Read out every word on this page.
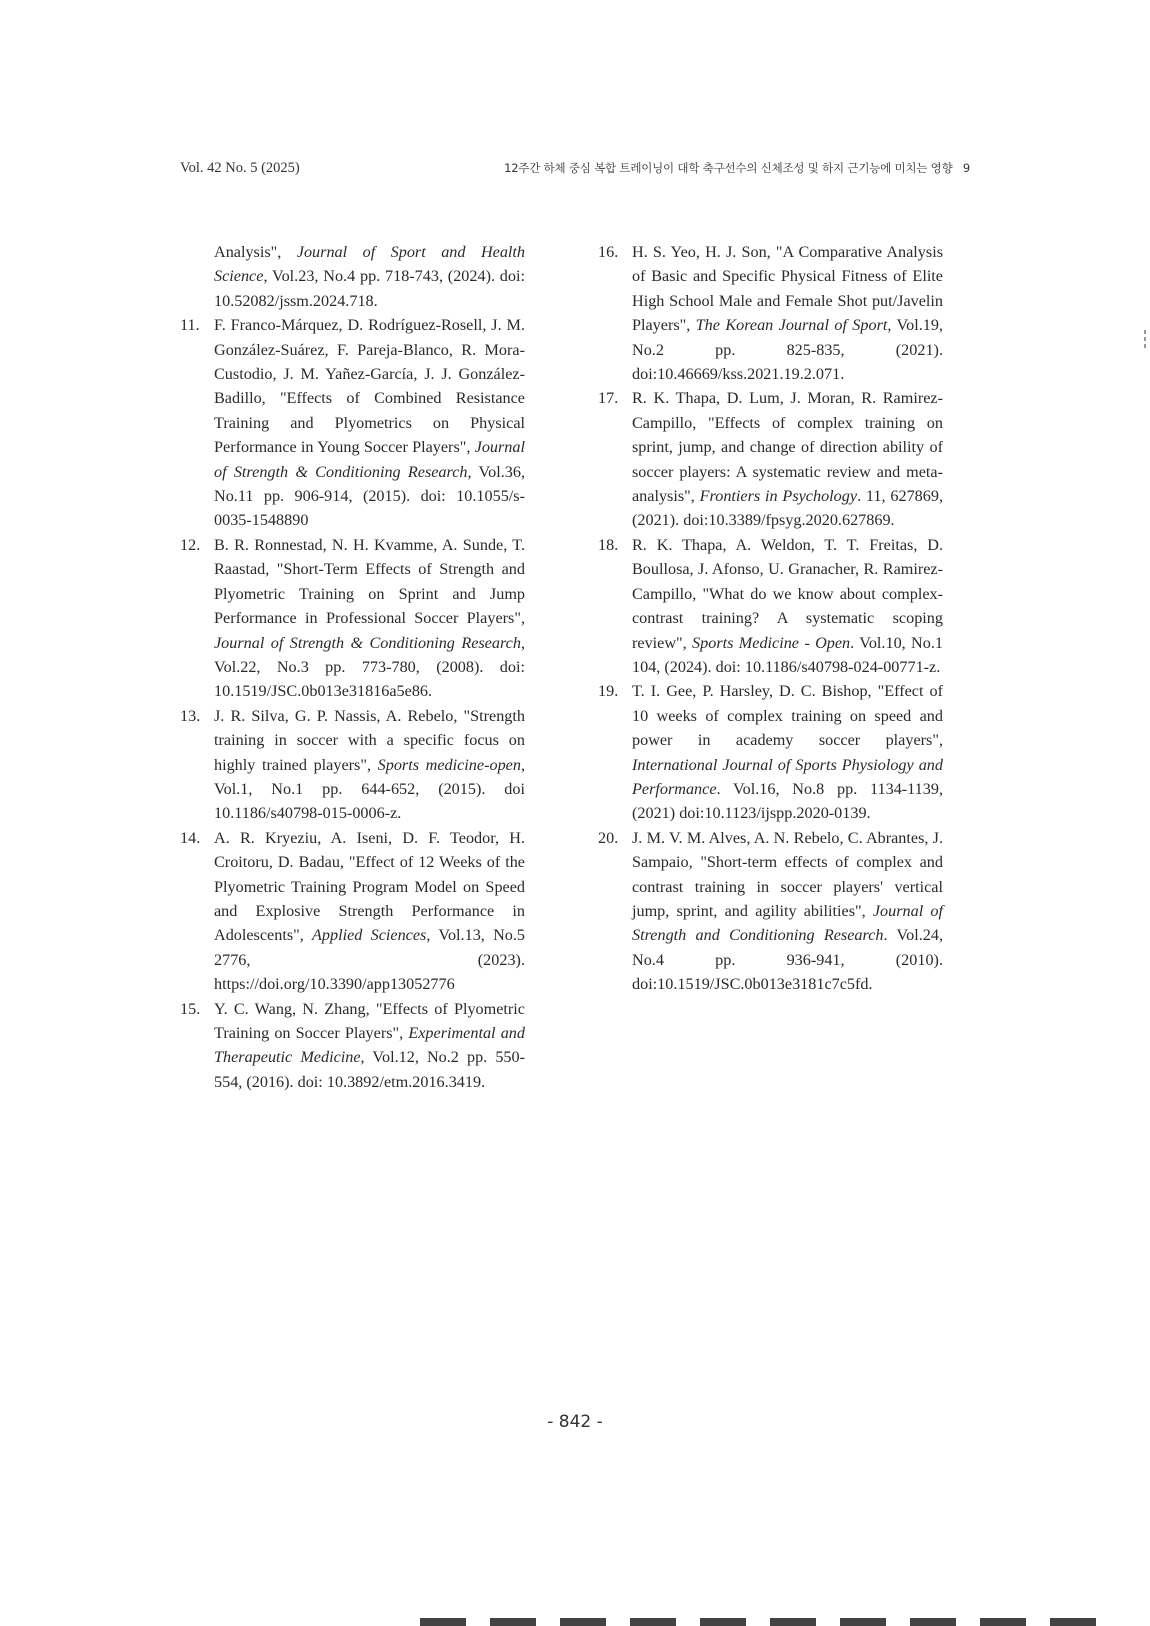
Vol. 42 No. 5 (2025)	12주간 하체 중심 복합 트레이닝이 대학 축구선수의 신체조성 및 하지 근기능에 미치는 영향 9

Analysis", Journal of Sport and Health Science, Vol.23, No.4 pp. 718-743, (2024). doi: 10.52082/jssm.2024.718.

11. F. Franco-Márquez, D. Rodríguez-Rosell, J. M. González-Suárez, F. Pareja-Blanco, R. Mora-Custodio, J. M. Yañez-García, J. J. González-Badillo, "Effects of Combined Resistance Training and Plyometrics on Physical Performance in Young Soccer Players", Journal of Strength & Conditioning Research, Vol.36, No.11 pp. 906-914, (2015). doi: 10.1055/s-0035-1548890

12. B. R. Ronnestad, N. H. Kvamme, A. Sunde, T. Raastad, "Short-Term Effects of Strength and Plyometric Training on Sprint and Jump Performance in Professional Soccer Players", Journal of Strength & Conditioning Research, Vol.22, No.3 pp. 773-780, (2008). doi: 10.1519/JSC.0b013e31816a5e86.

13. J. R. Silva, G. P. Nassis, A. Rebelo, "Strength training in soccer with a specific focus on highly trained players", Sports medicine-open, Vol.1, No.1 pp. 644-652, (2015). doi 10.1186/s40798-015-0006-z.

14. A. R. Kryeziu, A. Iseni, D. F. Teodor, H. Croitoru, D. Badau, "Effect of 12 Weeks of the Plyometric Training Program Model on Speed and Explosive Strength Performance in Adolescents", Applied Sciences, Vol.13, No.5 2776, (2023). https://doi.org/10.3390/app13052776

15. Y. C. Wang, N. Zhang, "Effects of Plyometric Training on Soccer Players", Experimental and Therapeutic Medicine, Vol.12, No.2 pp. 550-554, (2016). doi: 10.3892/etm.2016.3419.

16. H. S. Yeo, H. J. Son, "A Comparative Analysis of Basic and Specific Physical Fitness of Elite High School Male and Female Shot put/Javelin Players", The Korean Journal of Sport, Vol.19, No.2 pp. 825-835, (2021). doi:10.46669/kss.2021.19.2.071.

17. R. K. Thapa, D. Lum, J. Moran, R. Ramirez-Campillo, "Effects of complex training on sprint, jump, and change of direction ability of soccer players: A systematic review and meta-analysis", Frontiers in Psychology. 11, 627869, (2021). doi:10.3389/fpsyg.2020.627869.

18. R. K. Thapa, A. Weldon, T. T. Freitas, D. Boullosa, J. Afonso, U. Granacher, R. Ramirez-Campillo, "What do we know about complex-contrast training? A systematic scoping review", Sports Medicine - Open. Vol.10, No.1 104, (2024). doi: 10.1186/s40798-024-00771-z.

19. T. I. Gee, P. Harsley, D. C. Bishop, "Effect of 10 weeks of complex training on speed and power in academy soccer players", International Journal of Sports Physiology and Performance. Vol.16, No.8 pp. 1134-1139, (2021) doi:10.1123/ijspp.2020-0139.

20. J. M. V. M. Alves, A. N. Rebelo, C. Abrantes, J. Sampaio, "Short-term effects of complex and contrast training in soccer players' vertical jump, sprint, and agility abilities", Journal of Strength and Conditioning Research. Vol.24, No.4 pp. 936-941, (2010). doi:10.1519/JSC.0b013e3181c7c5fd.

- 842 -
